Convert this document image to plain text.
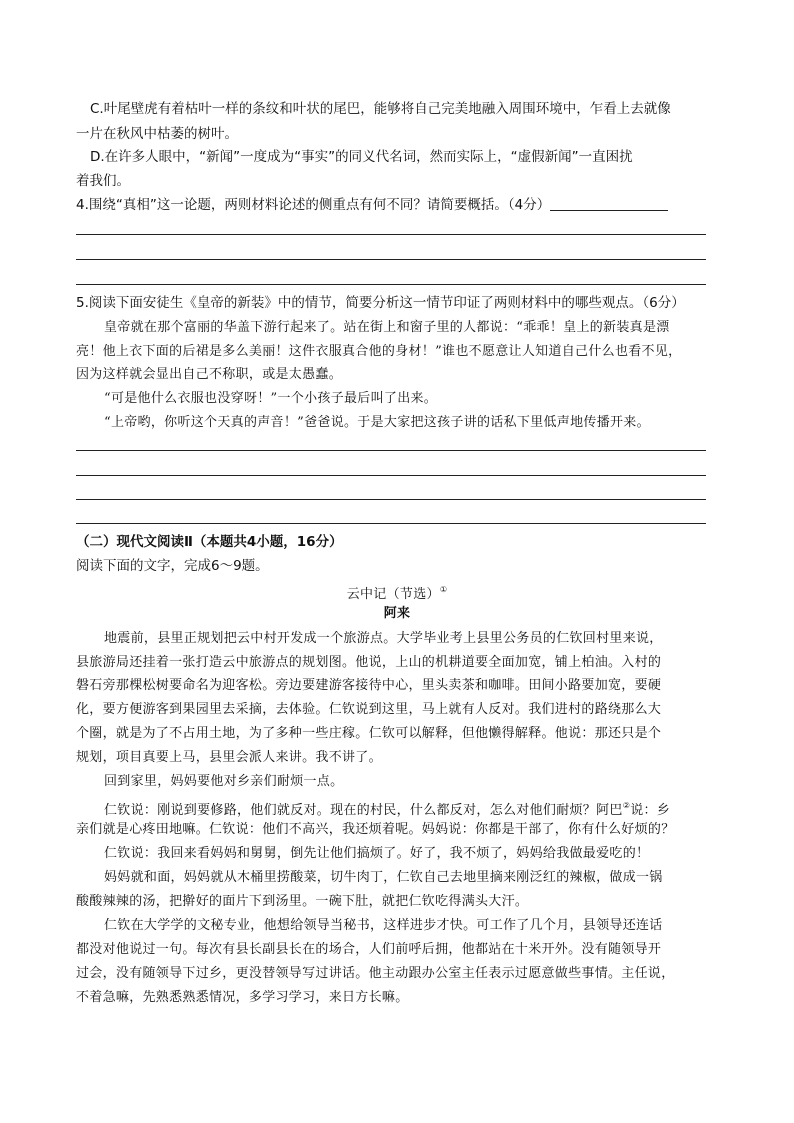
C.叶尾壁虎有着枯叶一样的条纹和叶状的尾巴，能够将自己完美地融入周围环境中，乍看上去就像
一片在秋风中枯萎的树叶。
D.在许多人眼中，“新闻”一度成为“事实”的同义代名词，然而实际上，“虚假新闻”一直困扰
着我们。
4.围绕“真相”这一论题，两则材料论述的侧重点有何不同？请简要概括。（4分）
5.阅读下面安徒生《皇帝的新装》中的情节，简要分析这一情节印证了两则材料中的哪些观点。（6分）
皇帝就在那个富丽的华盖下游行起来了。站在街上和窗子里的人都说：“乖乖！皇上的新装真是漂
亮！他上衣下面的后裙是多么美丽！这件衣服真合他的身材！”谁也不愿意让人知道自己什么也看不见，
因为这样就会显出自己不称职，或是太愚蠢。
“可是他什么衣服也没穿呀！”一个小孩子最后叫了出来。
“上帝哟，你听这个天真的声音！”爸爸说。于是大家把这孩子讲的话私下里低声地传播开来。
（二）现代文阅读Ⅱ（本题共4小题，16分）
阅读下面的文字，完成6～9题。
云中记（节选）①
阿来
地震前，县里正规划把云中村开发成一个旅游点。大学毕业考上县里公务员的仁钦回村里来说，
县旅游局还挂着一张打造云中旅游点的规划图。他说，上山的机耕道要全面加宽，铺上柏油。入村的
磐石旁那棵松树要命名为迎客松。旁边要建游客接待中心，里头卖茶和咖啡。田间小路要加宽，要硬
化，要方便游客到果园里去采摘，去体验。仁钦说到这里，马上就有人反对。我们进村的路绕那么大
个圈，就是为了不占用土地，为了多种一些庄稼。仁钦可以解释，但他懒得解释。他说：那还只是个
规划，项目真要上马，县里会派人来讲。我不讲了。
回到家里，妈妈要他对乡亲们耐烦一点。
仁钦说：刚说到要修路，他们就反对。现在的村民，什么都反对，怎么对他们耐烦？阿巴②说：乡
亲们就是心疼田地嘛。仁钦说：他们不高兴，我还烦着呢。妈妈说：你都是干部了，你有什么好烦的？
仁钦说：我回来看妈妈和舅舅，倒先让他们搞烦了。好了，我不烦了，妈妈给我做最爱吃的！
妈妈就和面，妈妈就从木桶里捞酸菜，切牛肉丁，仁钦自己去地里摘来刚泛红的辣椒，做成一锅
酸酸辣辣的汤，把擀好的面片下到汤里。一碗下肚，就把仁钦吃得满头大汗。
仁钦在大学学的文秘专业，他想给领导当秘书，这样进步才快。可工作了几个月，县领导还连话
都没对他说过一句。每次有县长副县长在的场合，人们前呼后拥，他都站在十米开外。没有随领导开
过会，没有随领导下过乡，更没替领导写过讲话。他主动跟办公室主任表示过愿意做些事情。主任说，
不着急嘛，先熟悉熟悉情况，多学习学习，来日方长嘛。
